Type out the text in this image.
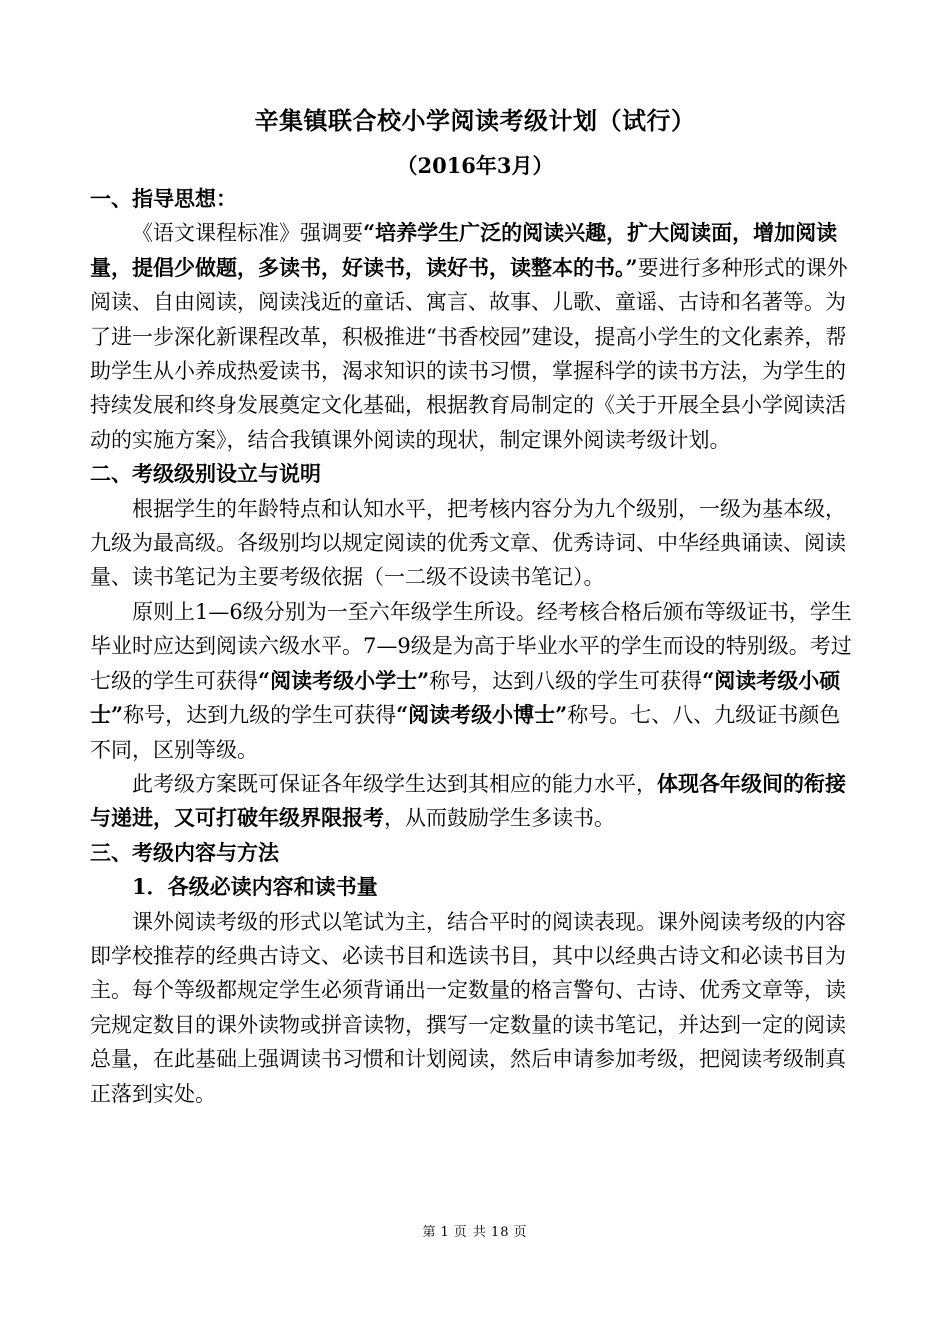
辛集镇联合校小学阅读考级计划（试行）
（2016年3月）

一、指导思想：

《语文课程标准》强调要“培养学生广泛的阅读兴趣，扩大阅读面，增加阅读量，提倡少做题，多读书，好读书，读好书，读整本的书。”要进行多种形式的课外阅读、自由阅读，阅读浅近的童话、寓言、故事、儿歌、童谣、古诗和名著等。为了进一步深化新课程改革，积极推进“书香校园”建设，提高小学生的文化素养，帮助学生从小养成热爱读书，渴求知识的读书习惯，掌握科学的读书方法，为学生的持续发展和终身发展奠定文化基础，根据教育局制定的《关于开展全县小学阅读活动的实施方案》，结合我镇课外阅读的现状，制定课外阅读考级计划。

二、考级级别设立与说明

根据学生的年龄特点和认知水平，把考核内容分为九个级别，一级为基本级，九级为最高级。各级别均以规定阅读的优秀文章、优秀诗词、中华经典诵读、阅读量、读书笔记为主要考级依据（一二级不设读书笔记）。

原则上1—6级分别为一至六年级学生所设。经考核合格后颁布等级证书，学生毕业时应达到阅读六级水平。7—9级是为高于毕业水平的学生而设的特别级。考过七级的学生可获得“阅读考级小学士”称号，达到八级的学生可获得“阅读考级小硕士”称号，达到九级的学生可获得“阅读考级小博士”称号。七、八、九级证书颜色不同，区别等级。

此考级方案既可保证各年级学生达到其相应的能力水平，体现各年级间的衔接与递进，又可打破年级界限报考，从而鼓励学生多读书。

三、考级内容与方法

1．各级必读内容和读书量

课外阅读考级的形式以笔试为主，结合平时的阅读表现。课外阅读考级的内容即学校推荐的经典古诗文、必读书目和选读书目，其中以经典古诗文和必读书目为主。每个等级都规定学生必须背诵出一定数量的格言警句、古诗、优秀文章等，读完规定数目的课外读物或拼音读物，撰写一定数量的读书笔记，并达到一定的阅读总量，在此基础上强调读书习惯和计划阅读，然后申请参加考级，把阅读考级制真正落到实处。

第 1 页 共 18 页
